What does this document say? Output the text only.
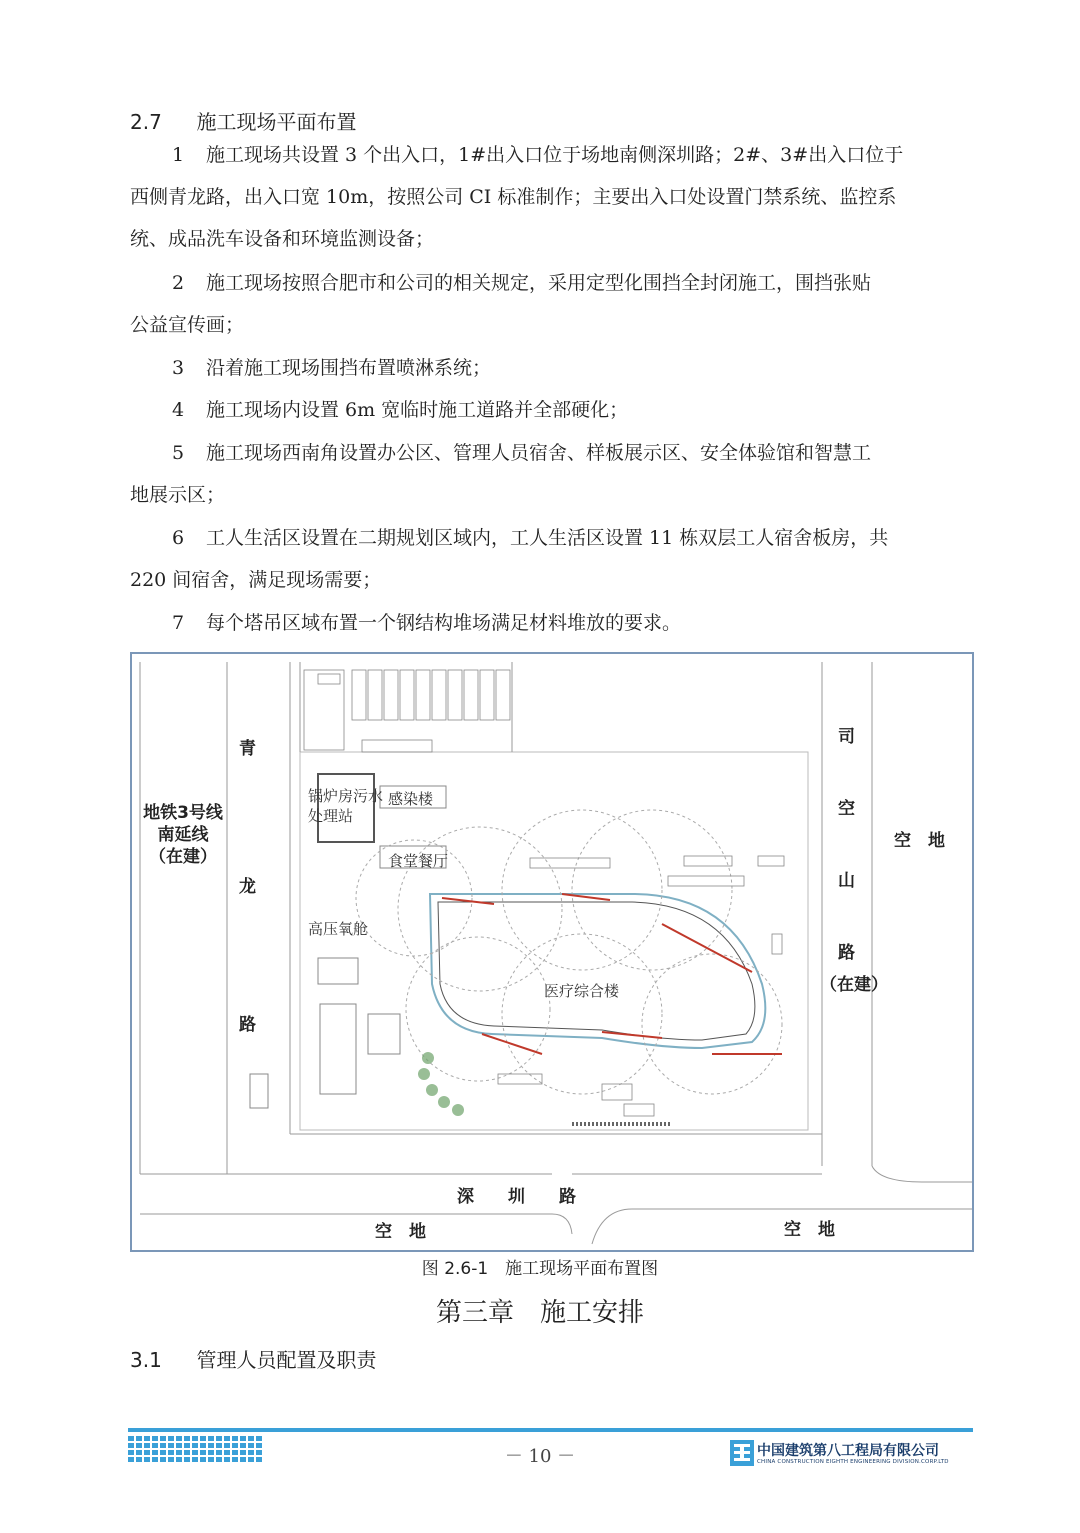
2.7 施工现场平面布置
1 施工现场共设置 3 个出入口，1#出入口位于场地南侧深圳路；2#、3#出入口位于
西侧青龙路，出入口宽 10m，按照公司 CI 标准制作；主要出入口处设置门禁系统、监控系
统、成品洗车设备和环境监测设备；
2 施工现场按照合肥市和公司的相关规定，采用定型化围挡全封闭施工，围挡张贴
公益宣传画；
3 沿着施工现场围挡布置喷淋系统；
4 施工现场内设置 6m 宽临时施工道路并全部硬化；
5 施工现场西南角设置办公区、管理人员宿舍、样板展示区、安全体验馆和智慧工
地展示区；
6 工人生活区设置在二期规划区域内，工人生活区设置 11 栋双层工人宿舍板房，共
220 间宿舍，满足现场需要；
7 每个塔吊区域布置一个钢结构堆场满足材料堆放的要求。
青
龙
路
地铁3号线
南延线
（在建）
司
空
山
路
（在建）
空　地
深　　圳　　路
空　地	空　地
锅炉房污水
处理站
感染楼
食堂餐厅
高压氧舱
医疗综合楼
图 2.6-1　施工现场平面布置图
第三章　施工安排
3.1 管理人员配置及职责
－ 10 －	中国建筑第八工程局有限公司
CHINA CONSTRUCTION EIGHTH ENGINEERING DIVISION.CORP.LTD
